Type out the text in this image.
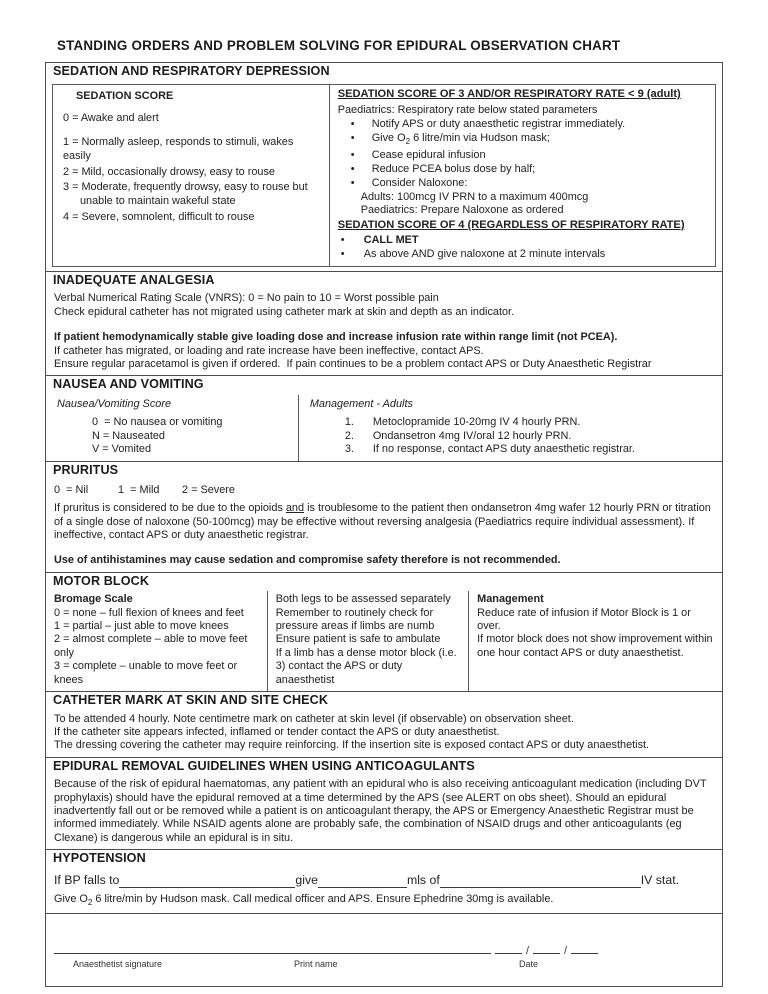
STANDING ORDERS AND PROBLEM SOLVING FOR EPIDURAL OBSERVATION CHART
SEDATION AND RESPIRATORY DEPRESSION
SEDATION SCORE
0 = Awake and alert
1 = Normally asleep, responds to stimuli, wakes easily
2 = Mild, occasionally drowsy, easy to rouse
3 = Moderate, frequently drowsy, easy to rouse but unable to maintain wakeful state
4 = Severe, somnolent, difficult to rouse
SEDATION SCORE OF 3 AND/OR RESPIRATORY RATE < 9 (adult)
Paediatrics: Respiratory rate below stated parameters
•	Notify APS or duty anaesthetic registrar immediately.
•	Give $O_2$ 6 litre/min via Hudson mask;
•	Cease epidural infusion
•	Reduce PCEA bolus dose by half;
•	Consider Naloxone:
Adults: 100mcg IV PRN to a maximum 400mcg
Paediatrics: Prepare Naloxone as ordered
SEDATION SCORE OF 4 (REGARDLESS OF RESPIRATORY RATE)
•	CALL MET
•	As above AND give naloxone at 2 minute intervals
INADEQUATE ANALGESIA
Verbal Numerical Rating Scale (VNRS): 0 = No pain to 10 = Worst possible pain
Check epidural catheter has not migrated using catheter mark at skin and depth as an indicator.
If patient hemodynamically stable give loading dose and increase infusion rate within range limit (not PCEA).
If catheter has migrated, or loading and rate increase have been ineffective, contact APS.
Ensure regular paracetamol is given if ordered.  If pain continues to be a problem contact APS or Duty Anaesthetic Registrar
NAUSEA AND VOMITING
Nausea/Vomiting Score
0  = No nausea or vomiting
N = Nauseated
V = Vomited
Management - Adults
1.	Metoclopramide 10-20mg IV 4 hourly PRN.
2.	Ondansetron 4mg IV/oral 12 hourly PRN.
3.	If no response, contact APS duty anaesthetic registrar.
PRURITUS
0  = Nil	1  = Mild	2 = Severe
If pruritus is considered to be due to the opioids and is troublesome to the patient then ondansetron 4mg wafer 12 hourly PRN or titration of a single dose of naloxone (50-100mcg) may be effective without reversing analgesia (Paediatrics require individual assessment). If ineffective, contact APS or duty anaesthetic registrar.
Use of antihistamines may cause sedation and compromise safety therefore is not recommended.
MOTOR BLOCK
Bromage Scale
0 = none – full flexion of knees and feet
1 = partial – just able to move knees
2 = almost complete – able to move feet only
3 = complete – unable to move feet or knees
Both legs to be assessed separately
Remember to routinely check for pressure areas if limbs are numb
Ensure patient is safe to ambulate
If a limb has a dense motor block (i.e. 3) contact the APS or duty anaesthetist
Management
Reduce rate of infusion if Motor Block is 1 or over.
If motor block does not show improvement within one hour contact APS or duty anaesthetist.
CATHETER MARK AT SKIN AND SITE CHECK
To be attended 4 hourly. Note centimetre mark on catheter at skin level (if observable) on observation sheet.
If the catheter site appears infected, inflamed or tender contact the APS or duty anaesthetist.
The dressing covering the catheter may require reinforcing. If the insertion site is exposed contact APS or duty anaesthetist.
EPIDURAL REMOVAL GUIDELINES WHEN USING ANTICOAGULANTS
Because of the risk of epidural haematomas, any patient with an epidural who is also receiving anticoagulant medication (including DVT prophylaxis) should have the epidural removed at a time determined by the APS (see ALERT on obs sheet). Should an epidural inadvertently fall out or be removed while a patient is on anticoagulant therapy, the APS or Emergency Anaesthetic Registrar must be informed immediately. While NSAID agents alone are probably safe, the combination of NSAID drugs and other anticoagulants (eg Clexane) is dangerous while an epidural is in situ.
HYPOTENSION
If BP falls to	give	mls of	IV stat.
Give $O_2$ 6 litre/min by Hudson mask. Call medical officer and APS. Ensure Ephedrine 30mg is available.
/	/
Anaesthetist signature	Print name	Date
